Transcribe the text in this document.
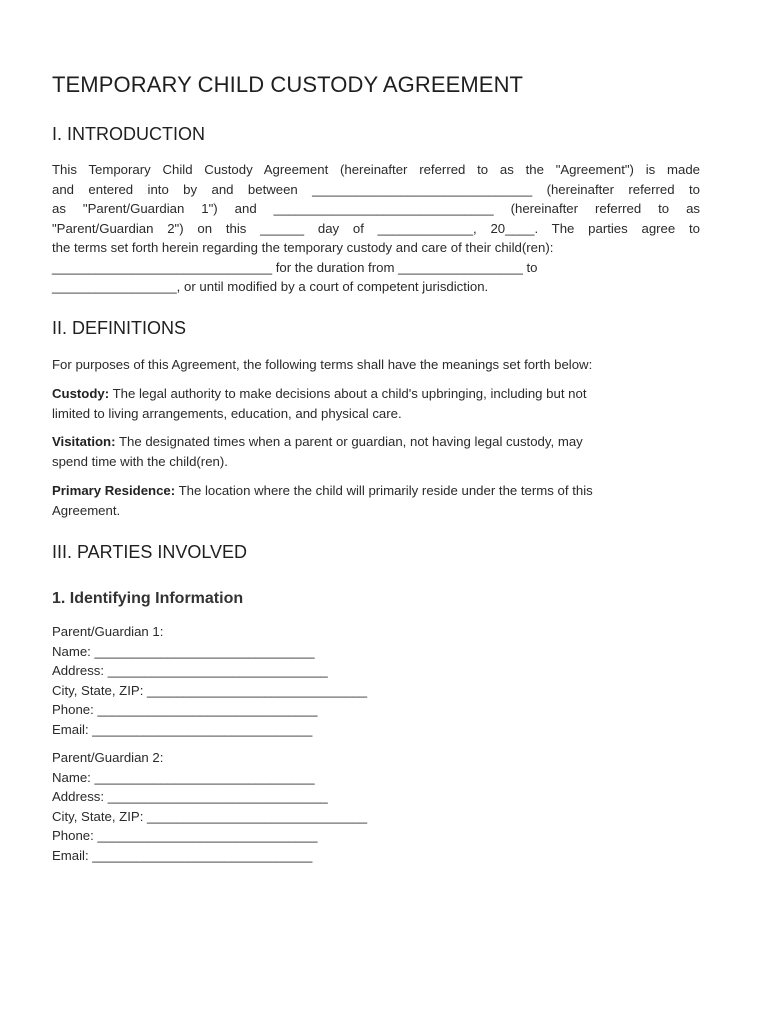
TEMPORARY CHILD CUSTODY AGREEMENT
I. INTRODUCTION
This Temporary Child Custody Agreement (hereinafter referred to as the "Agreement") is made
and entered into by and between ______________________________ (hereinafter referred to
as "Parent/Guardian 1") and ______________________________ (hereinafter referred to as
"Parent/Guardian 2") on this ______ day of _____________, 20____. The parties agree to
the terms set forth herein regarding the temporary custody and care of their child(ren):
______________________________ for the duration from _________________ to
_________________, or until modified by a court of competent jurisdiction.
II. DEFINITIONS
For purposes of this Agreement, the following terms shall have the meanings set forth below:
Custody: The legal authority to make decisions about a child's upbringing, including but not
limited to living arrangements, education, and physical care.
Visitation: The designated times when a parent or guardian, not having legal custody, may
spend time with the child(ren).
Primary Residence: The location where the child will primarily reside under the terms of this
Agreement.
III. PARTIES INVOLVED
1. Identifying Information
Parent/Guardian 1:
Name: ______________________________
Address: ______________________________
City, State, ZIP: ______________________________
Phone: ______________________________
Email: ______________________________
Parent/Guardian 2:
Name: ______________________________
Address: ______________________________
City, State, ZIP: ______________________________
Phone: ______________________________
Email: ______________________________
